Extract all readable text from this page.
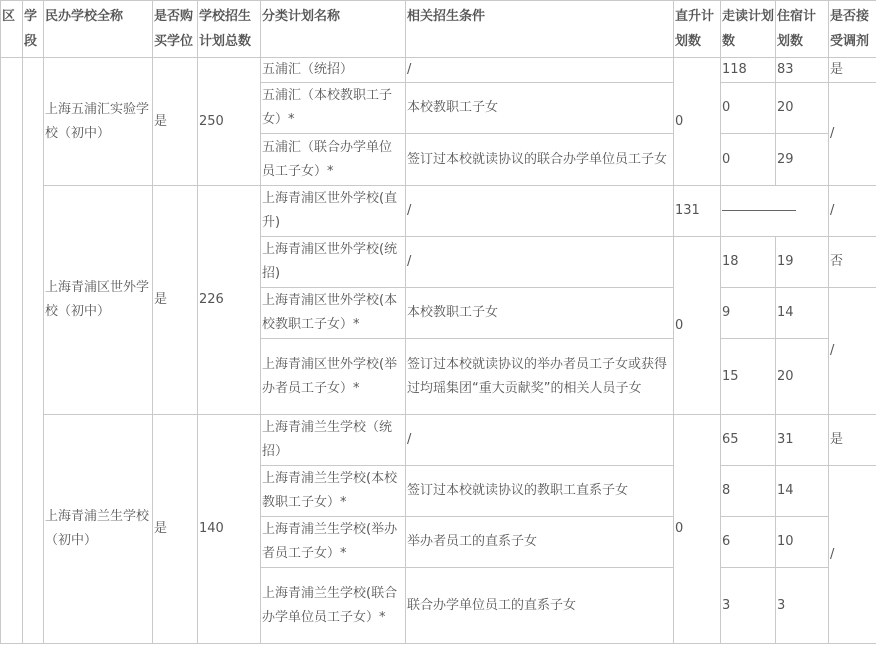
区	学段	民办学校全称	是否购买学位	学校招生计划总数	分类计划名称	相关招生条件	直升计划数	走读计划数	住宿计划数	是否接受调剂
		上海五浦汇实验学校（初中）	是	250	五浦汇（统招）	/	0	118	83	是
					五浦汇（本校教职工子女）*	本校教职工子女		0	20	/
					五浦汇（联合办学单位员工子女）*	签订过本校就读协议的联合办学单位员工子女		0	29	
		上海青浦区世外学校（初中）	是	226	上海青浦区世外学校(直升)	/	131			/
					上海青浦区世外学校(统招)	/	0	18	19	否
					上海青浦区世外学校(本校教职工子女）*	本校教职工子女		9	14	/
					上海青浦区世外学校(举办者员工子女）*	签订过本校就读协议的举办者员工子女或获得过均瑶集团“重大贡献奖”的相关人员子女		15	20	
		上海青浦兰生学校（初中）	是	140	上海青浦兰生学校（统招）	/	0	65	31	是
					上海青浦兰生学校(本校教职工子女）*	签订过本校就读协议的教职工直系子女		8	14	/
					上海青浦兰生学校(举办者员工子女）*	举办者员工的直系子女		6	10	
					上海青浦兰生学校(联合办学单位员工子女）*	联合办学单位员工的直系子女		3	3	
